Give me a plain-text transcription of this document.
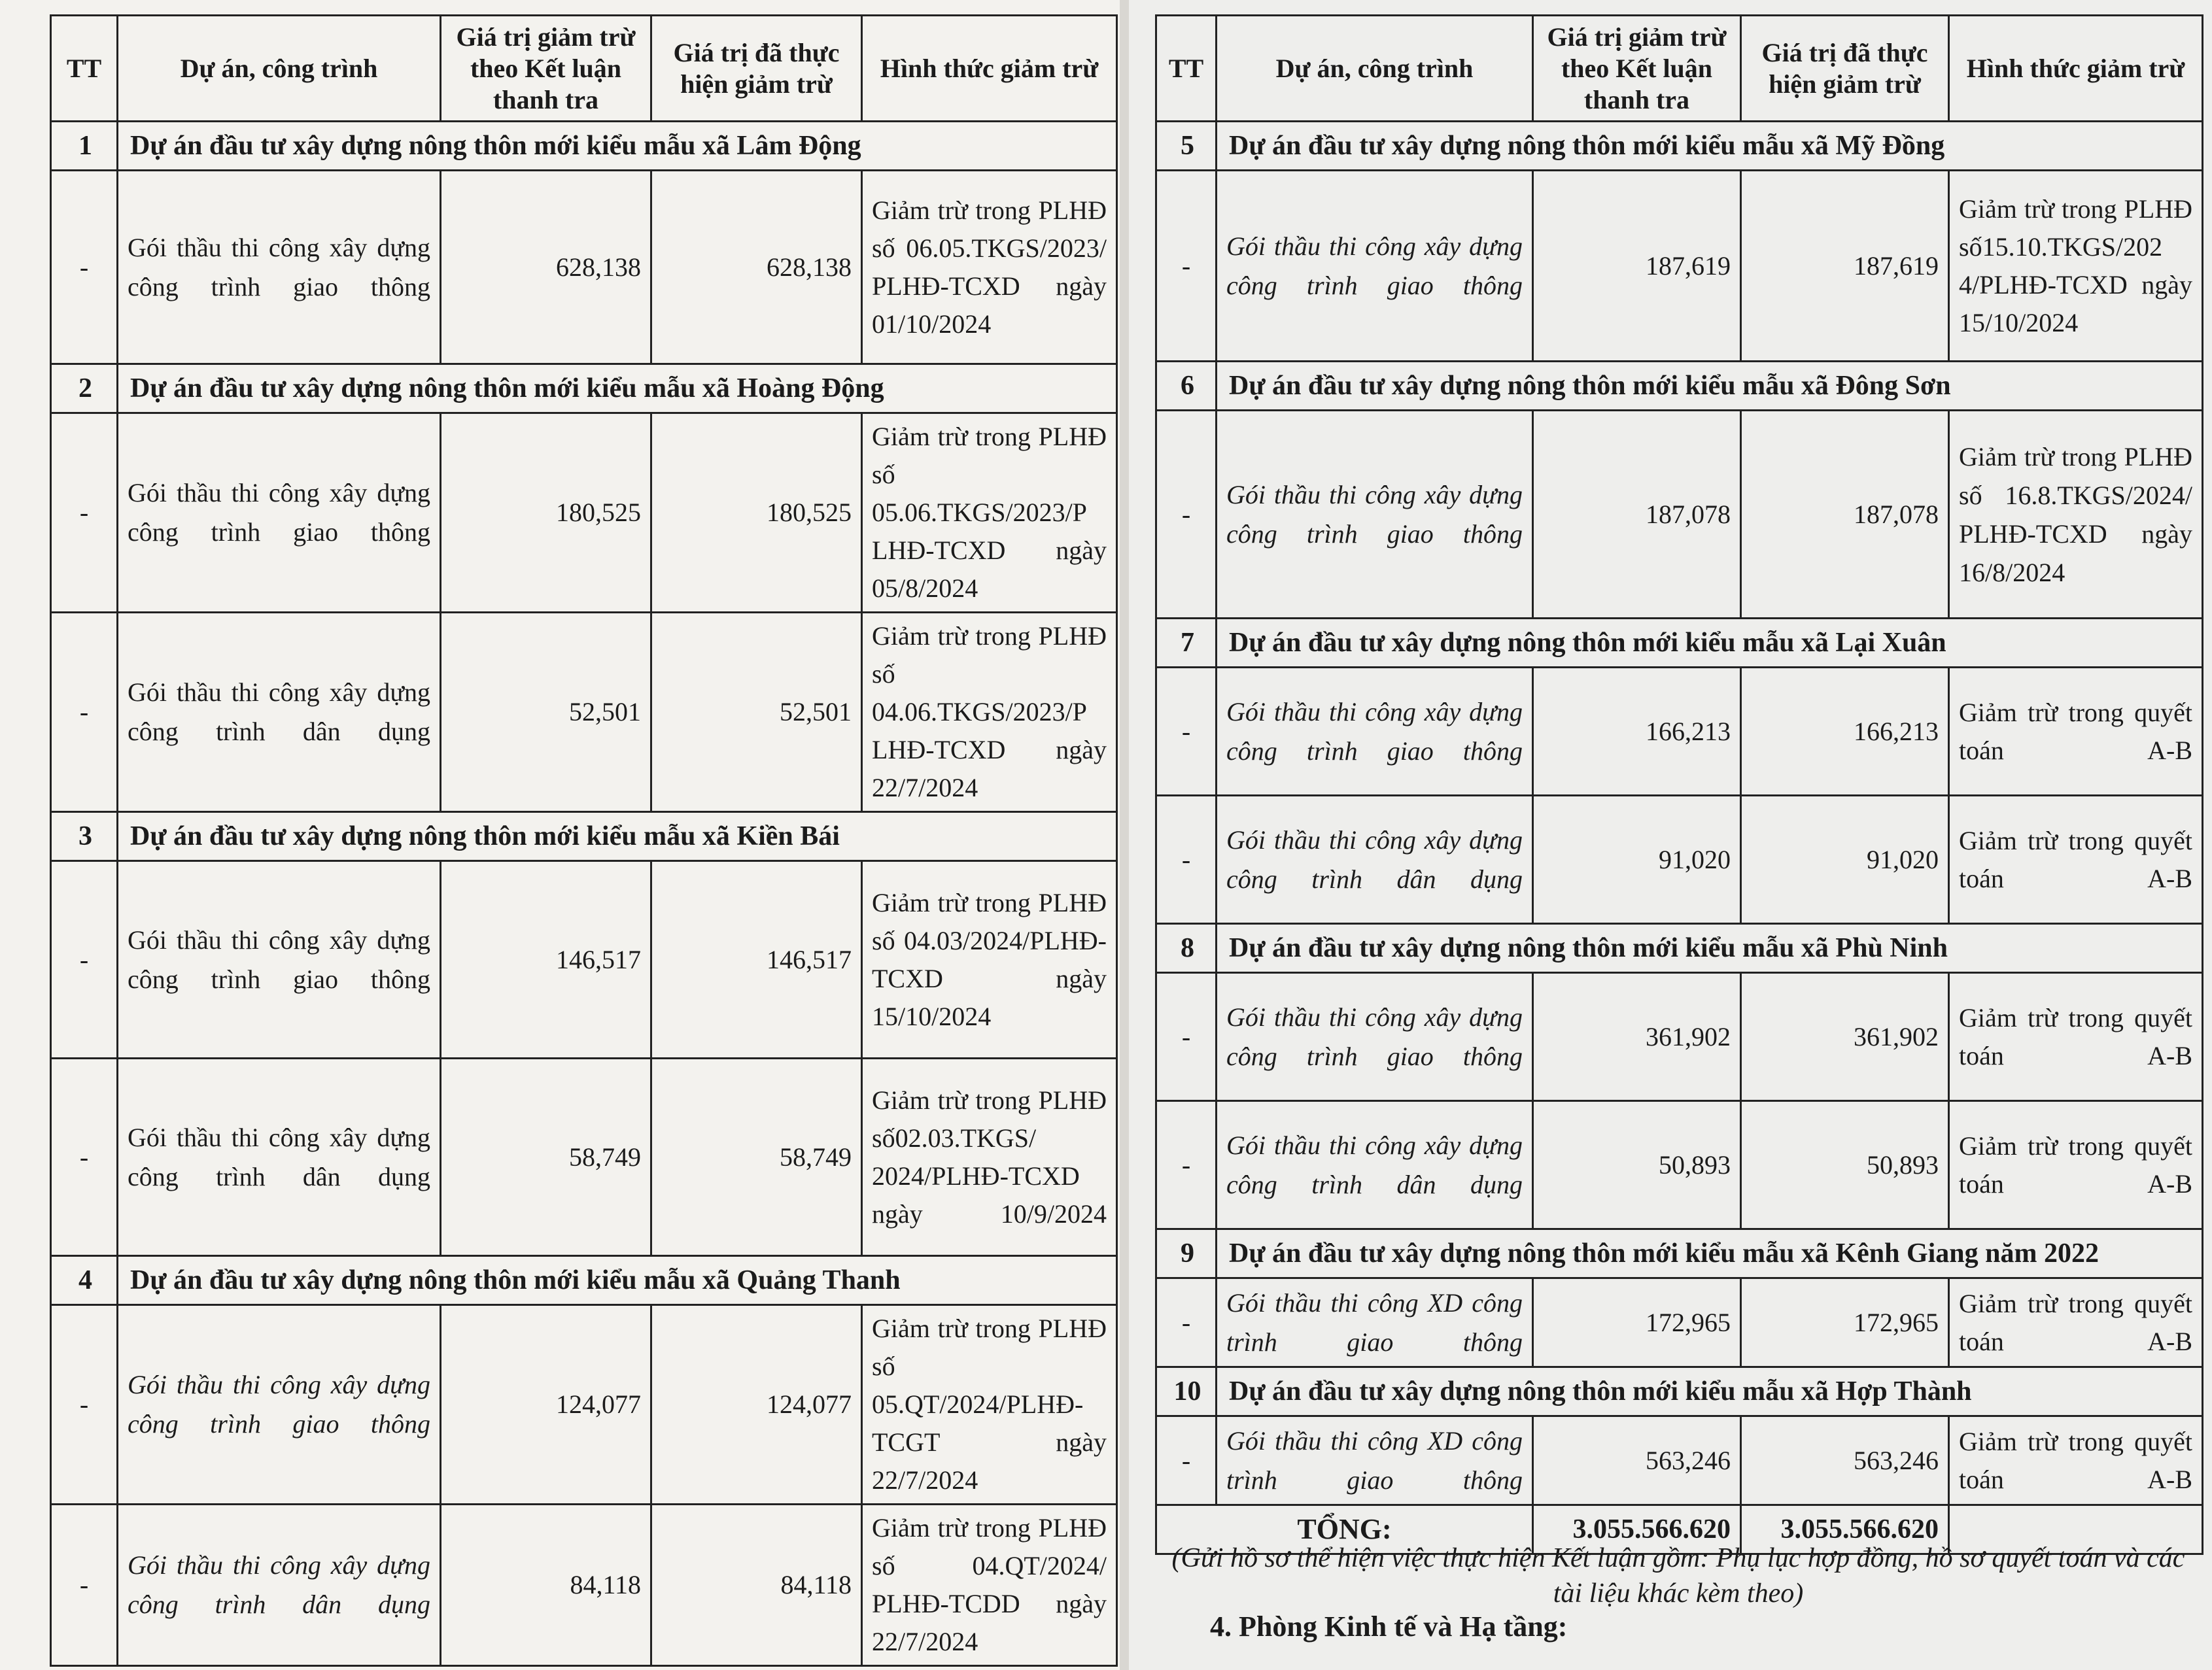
TT	Dự án, công trình	Giá trị giảm trừ theo Kết luận thanh tra	Giá trị đã thực hiện giảm trừ	Hình thức giảm trừ
1	Dự án đầu tư xây dựng nông thôn mới kiểu mẫu xã Lâm Động			
-	Gói thầu thi công xây dựng công trình giao thông	628,138	628,138	Giảm trừ trong PLHĐ số 06.05.TKGS/2023/ PLHĐ-TCXD ngày 01/10/2024
2	Dự án đầu tư xây dựng nông thôn mới kiểu mẫu xã Hoàng Động			
-	Gói thầu thi công xây dựng công trình giao thông	180,525	180,525	Giảm trừ trong PLHĐ số 05.06.TKGS/2023/P LHĐ-TCXD ngày 05/8/2024
-	Gói thầu thi công xây dựng công trình dân dụng	52,501	52,501	Giảm trừ trong PLHĐ số 04.06.TKGS/2023/P LHĐ-TCXD ngày 22/7/2024
3	Dự án đầu tư xây dựng nông thôn mới kiểu mẫu xã Kiền Bái			
-	Gói thầu thi công xây dựng công trình giao thông	146,517	146,517	Giảm trừ trong PLHĐ số 04.03/2024/PLHĐ-TCXD ngày 15/10/2024
-	Gói thầu thi công xây dựng công trình dân dụng	58,749	58,749	Giảm trừ trong PLHĐ số02.03.TKGS/ 2024/PLHĐ-TCXD ngày 10/9/2024
4	Dự án đầu tư xây dựng nông thôn mới kiểu mẫu xã Quảng Thanh			
-	Gói thầu thi công xây dựng công trình giao thông	124,077	124,077	Giảm trừ trong PLHĐ số 05.QT/2024/PLHĐ-TCGT ngày 22/7/2024
-	Gói thầu thi công xây dựng công trình dân dụng	84,118	84,118	Giảm trừ trong PLHĐ số 04.QT/2024/ PLHĐ-TCDD ngày 22/7/2024
TT	Dự án, công trình	Giá trị giảm trừ theo Kết luận thanh tra	Giá trị đã thực hiện giảm trừ	Hình thức giảm trừ
5	Dự án đầu tư xây dựng nông thôn mới kiểu mẫu xã Mỹ Đồng			
-	Gói thầu thi công xây dựng công trình giao thông	187,619	187,619	Giảm trừ trong PLHĐ số15.10.TKGS/202 4/PLHĐ-TCXD ngày 15/10/2024
6	Dự án đầu tư xây dựng nông thôn mới kiểu mẫu xã Đông Sơn			
-	Gói thầu thi công xây dựng công trình giao thông	187,078	187,078	Giảm trừ trong PLHĐ số 16.8.TKGS/2024/ PLHĐ-TCXD ngày 16/8/2024
7	Dự án đầu tư xây dựng nông thôn mới kiểu mẫu xã Lại Xuân			
-	Gói thầu thi công xây dựng công trình giao thông	166,213	166,213	Giảm trừ trong quyết toán A-B
-	Gói thầu thi công xây dựng công trình dân dụng	91,020	91,020	Giảm trừ trong quyết toán A-B
8	Dự án đầu tư xây dựng nông thôn mới kiểu mẫu xã Phù Ninh			
-	Gói thầu thi công xây dựng công trình giao thông	361,902	361,902	Giảm trừ trong quyết toán A-B
-	Gói thầu thi công xây dựng công trình dân dụng	50,893	50,893	Giảm trừ trong quyết toán A-B
9	Dự án đầu tư xây dựng nông thôn mới kiểu mẫu xã Kênh Giang năm 2022			
-	Gói thầu thi công XD công trình giao thông	172,965	172,965	Giảm trừ trong quyết toán A-B
10	Dự án đầu tư xây dựng nông thôn mới kiểu mẫu xã Hợp Thành			
-	Gói thầu thi công XD công trình giao thông	563,246	563,246	Giảm trừ trong quyết toán A-B
TỔNG:		3.055.566.620	3.055.566.620	
(Gửi hồ sơ thể hiện việc thực hiện Kết luận gồm: Phụ lục hợp đồng, hồ sơ quyết toán và các tài liệu khác kèm theo)
4. Phòng Kinh tế và Hạ tầng:
